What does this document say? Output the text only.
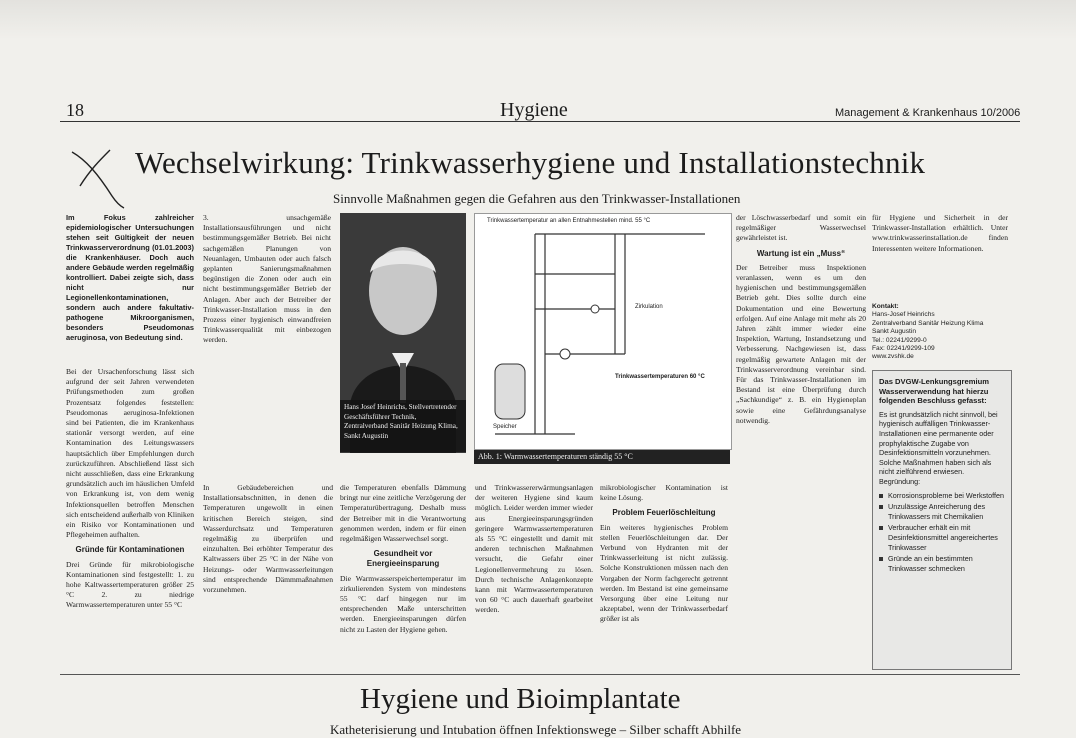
18	Hygiene	Management & Krankenhaus 10/2006
Wechselwirkung: Trinkwasserhygiene und Installationstechnik
Sinnvolle Maßnahmen gegen die Gefahren aus den Trinkwasser-Installationen
Im Fokus zahlreicher epidemiologischer Untersuchungen stehen seit Gültigkeit der neuen Trinkwasserverordnung (01.01.2003) die Krankenhäuser. Doch auch andere Gebäude werden regelmäßig kontrolliert. Dabei zeigte sich, dass nicht nur Legionellenkontaminationen, sondern auch andere fakultativ-pathogene Mikroorganismen, besonders Pseudomonas aeruginosa, von Bedeutung sind.

Bei der Ursachenforschung lässt sich aufgrund der seit Jahren verwendeten Prüfungsmethoden zum großen Prozentsatz folgendes feststellen: Pseudomonas aeruginosa-Infektionen sind bei Patienten, die im Krankenhaus stationär versorgt werden, auf eine Kontamination des Leitungswassers hauptsächlich über Empfehlungen durch zurückzuführen. Abschließend lässt sich nicht ausschließen, dass eine Erkrankung grundsätzlich auch im häuslichen Umfeld von Erkrankung ist, von dem wenig Infektionsquellen betroffen Menschen sich entscheidend außerhalb von Kliniken ein Risiko vor Kontaminationen und Pflegeheimen aufhalten.

Gründe für Kontaminationen

Drei Gründe für mikrobiologische Kontaminationen sind festgestellt: 1. zu hohe Kaltwassertemperaturen größer 25 °C 2. zu niedrige Warmwassertemperaturen unter 55 °C

3. unsachgemäße Installationsausführungen und nicht bestimmungsgemäßer Betrieb. Bei nicht sachgemäßen Planungen von Neuanlagen, Umbauten oder auch falsch geplanten Sanierungsmaßnahmen begünstigen die Zonen oder auch ein nicht bestimmungsgemäßer Betrieb der Anlagen. Aber auch der Betreiber der Trinkwasser-Installation muss in den Prozess einer hygienisch einwandfreien Trinkwasserqualität mit einbezogen werden.

Hans Josef Heinrichs, Stellvertretender Geschäftsführer Technik, Zentralverband Sanitär Heizung Klima, Sankt Augustin
Trinkwassertemperatur an allen Entnahmestellen mind. 55 °C
Speicher
Zirkulation
Trinkwassertemperaturen 60 °C
Abb. 1: Warmwassertemperaturen ständig 55 °C

In Gebäudebereichen und Installationsabschnitten, in denen die Temperaturen ungewollt in einen kritischen Bereich steigen, sind Wasserdurchsatz und Temperaturen regelmäßig zu überprüfen und einzuhalten. Bei erhöhter Temperatur des Kaltwassers über 25 °C in der Nähe von Heizungs- oder Warmwasserleitungen sind entsprechende Dämmmaßnahmen vorzunehmen.

die Temperaturen ebenfalls Dämmung bringt nur eine zeitliche Verzögerung der Temperaturübertragung. Deshalb muss der Betreiber mit in die Verantwortung genommen werden, indem er für einen regelmäßigen Wasserwechsel sorgt.

Gesundheit vor Energieeinsparung

Die Warmwasserspeichertemperatur im zirkulierenden System von mindestens 55 °C darf hingegen nur im entsprechenden Maße unterschritten werden. Energieeinsparungen dürfen nicht zu Lasten der Hygiene gehen.

und Trinkwassererwärmungsanlagen der weiteren Hygiene sind kaum möglich. Leider werden immer wieder aus Energieeinsparungsgründen geringere Warmwassertemperaturen als 55 °C eingestellt und damit mit anderen technischen Maßnahmen versucht, die Gefahr einer Legionellenvermehrung zu lösen. Durch technische Anlagenkonzepte kann mit Warmwassertemperaturen von 60 °C auch dauerhaft gearbeitet werden.

mikrobiologischer Kontamination ist keine Lösung.

Problem Feuerlöschleitung

Ein weiteres hygienisches Problem stellen Feuerlöschleitungen dar. Der Verbund von Hydranten mit der Trinkwasserleitung ist nicht zulässig. Solche Konstruktionen müssen nach den Vorgaben der Norm fachgerecht getrennt werden. Im Bestand ist eine gemeinsame Versorgung über eine Leitung nur akzeptabel, wenn der Trinkwasserbedarf größer ist als

der Löschwasserbedarf und somit ein regelmäßiger Wasserwechsel gewährleistet ist.

Wartung ist ein „Muss“

Der Betreiber muss Inspektionen veranlassen, wenn es um den hygienischen und bestimmungsgemäßen Betrieb geht. Dies sollte durch eine Dokumentation und eine Bewertung erfolgen. Auf eine Anlage mit mehr als 20 Jahren zählt immer wieder eine Inspektion, Wartung, Instandsetzung und Verbesserung. Nachgewiesen ist, dass regelmäßig gewartete Anlagen mit der Trinkwasserverordnung vereinbar sind. Für das Trinkwasser-Installationen im Bestand ist eine Überprüfung durch „Sachkundige“ z. B. ein Hygieneplan sowie eine Gefährdungsanalyse notwendig.

für Hygiene und Sicherheit in der Trinkwasser-Installation erhältlich. Unter www.trinkwasserinstallation.de finden Interessenten weitere Informationen.

Kontakt:
Hans-Josef Heinrichs
Zentralverband Sanitär Heizung Klima
Sankt Augustin
Tel.: 02241/9299-0
Fax: 02241/9299-109
www.zvshk.de
Das DVGW-Lenkungsgremium Wasserverwendung hat hierzu folgenden Beschluss gefasst:
Es ist grundsätzlich nicht sinnvoll, bei hygienisch auffälligen Trinkwasser-Installationen eine permanente oder prophylaktische Zugabe von Desinfektionsmitteln vorzunehmen. Solche Maßnahmen haben sich als nicht zielführend erwiesen. Begründung:
Korrosionsprobleme bei Werkstoffen
Unzulässige Anreicherung des Trinkwassers mit Chemikalien
Verbraucher erhält ein mit Desinfektionsmittel angereichertes Trinkwasser
Gründe an ein bestimmten Trinkwasser schmecken
Hygiene und Bioimplantate
Katheterisierung und Intubation öffnen Infektionswege – Silber schafft Abhilfe
